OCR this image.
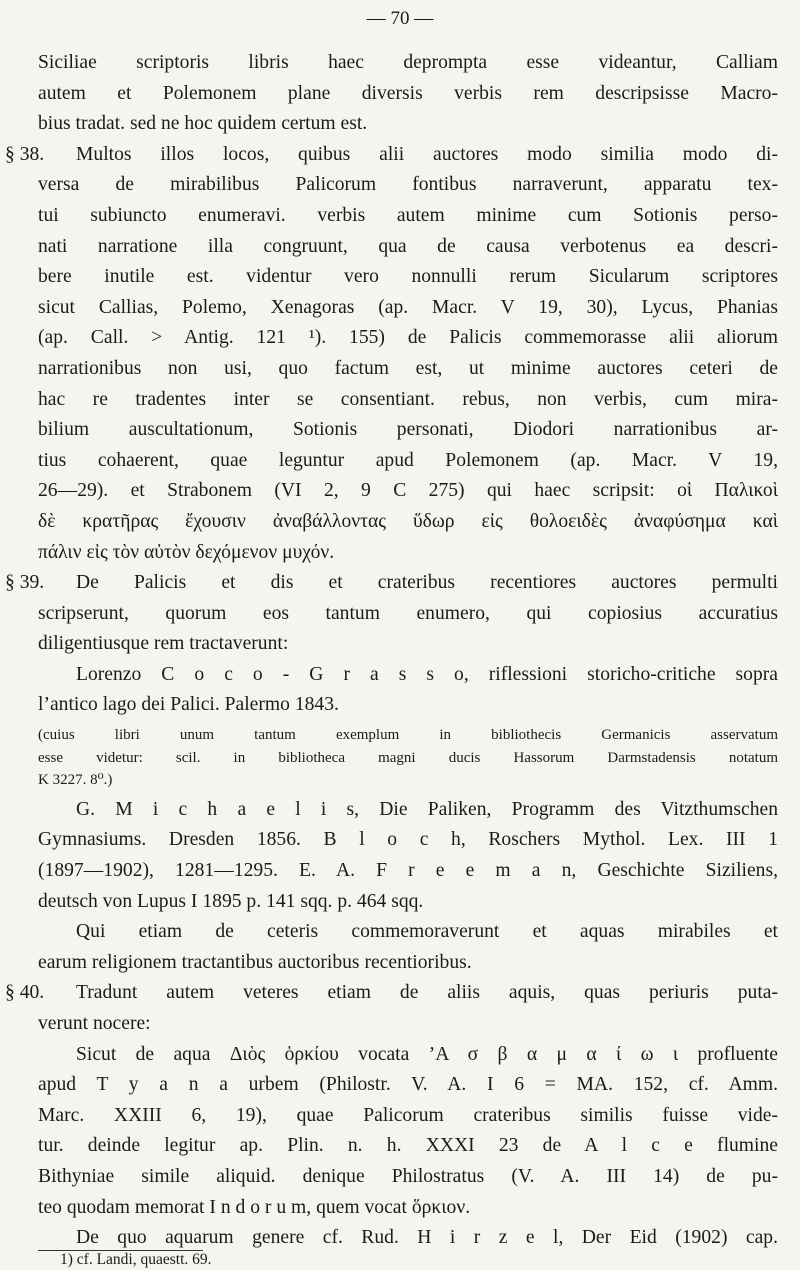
— 70 —
Siciliae scriptoris libris haec deprompta esse videantur, Calliam
autem et Polemonem plane diversis verbis rem descripsisse Macro-
bius tradat. sed ne hoc quidem certum est.
§ 38. Multos illos locos, quibus alii auctores modo similia modo di-
versa de mirabilibus Palicorum fontibus narraverunt, apparatu tex-
tui subiuncto enumeravi. verbis autem minime cum Sotionis perso-
nati narratione illa congruunt, qua de causa verbotenus ea descri-
bere inutile est. videntur vero nonnulli rerum Sicularum scriptores
sicut Callias, Polemo, Xenagoras (ap. Macr. V 19, 30), Lycus, Phanias
(ap. Call. > Antig. 121 ¹). 155) de Palicis commemorasse alii aliorum
narrationibus non usi, quo factum est, ut minime auctores ceteri de
hac re tradentes inter se consentiant. rebus, non verbis, cum mira-
bilium auscultationum, Sotionis personati, Diodori narrationibus ar-
tius cohaerent, quae leguntur apud Polemonem (ap. Macr. V 19,
26—29). et Strabonem (VI 2, 9 C 275) qui haec scripsit: οἱ Παλικοὶ
δὲ κρατῆρας ἔχουσιν ἀναβάλλοντας ὕδωρ εἰς θολοειδὲς ἀναφύσημα καὶ
πάλιν εἰς τὸν αὐτὸν δεχόμενον μυχόν.
§ 39. De Palicis et dis et crateribus recentiores auctores permulti
scripserunt, quorum eos tantum enumero, qui copiosius accuratius
diligentiusque rem tractaverunt:
Lorenzo C o c o - G r a s s o, riflessioni storicho-critiche sopra
l’antico lago dei Palici. Palermo 1843.
(cuius libri unum tantum exemplum in bibliothecis Germanicis asservatum
esse videtur: scil. in bibliotheca magni ducis Hassorum Darmstadensis notatum
K 3227. 8⁰.)
G. M i c h a e l i s, Die Paliken, Programm des Vitzthumschen
Gymnasiums. Dresden 1856. B l o c h, Roschers Mythol. Lex. III 1
(1897—1902), 1281—1295. E. A. F r e e m a n, Geschichte Siziliens,
deutsch von Lupus I 1895 p. 141 sqq. p. 464 sqq.
Qui etiam de ceteris commemoraverunt et aquas mirabiles et
earum religionem tractantibus auctoribus recentioribus.
§ 40. Tradunt autem veteres etiam de aliis aquis, quas periuris puta-
verunt nocere:
Sicut de aqua Διὸς ὁρκίου vocata ’Α σ β α μ α ί ω ι profluente
apud T y a n a urbem (Philostr. V. A. I 6 = MA. 152, cf. Amm.
Marc. XXIII 6, 19), quae Palicorum crateribus similis fuisse vide-
tur. deinde legitur ap. Plin. n. h. XXXI 23 de A l c e flumine
Bithyniae simile aliquid. denique Philostratus (V. A. III 14) de pu-
teo quodam memorat I n d o r u m, quem vocat ὅρκιον.
De quo aquarum genere cf. Rud. H i r z e l, Der Eid (1902) cap.
1) cf. Landi, quaestt. 69.
